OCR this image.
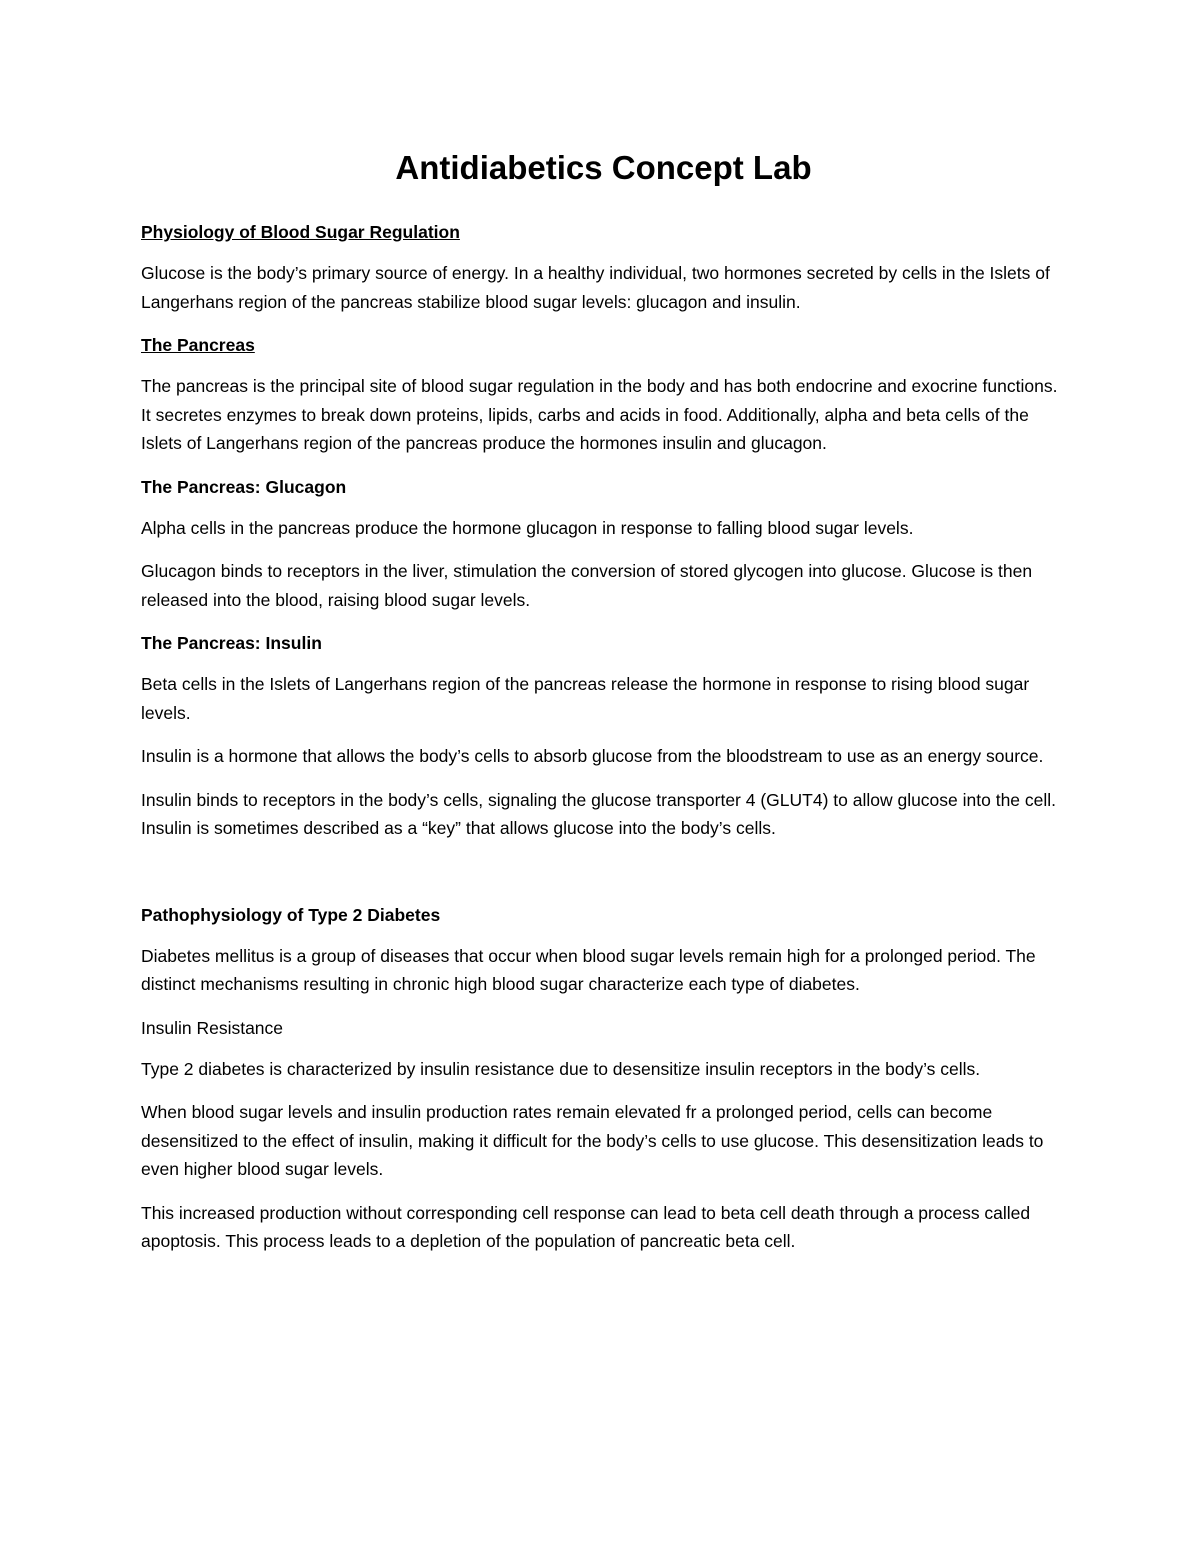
Antidiabetics Concept Lab
Physiology of Blood Sugar Regulation

Glucose is the body’s primary source of energy. In a healthy individual, two hormones secreted by cells in the Islets of Langerhans region of the pancreas stabilize blood sugar levels: glucagon and insulin.

The Pancreas

The pancreas is the principal site of blood sugar regulation in the body and has both endocrine and exocrine functions. It secretes enzymes to break down proteins, lipids, carbs and acids in food. Additionally, alpha and beta cells of the Islets of Langerhans region of the pancreas produce the hormones insulin and glucagon.

The Pancreas: Glucagon

Alpha cells in the pancreas produce the hormone glucagon in response to falling blood sugar levels.

Glucagon binds to receptors in the liver, stimulation the conversion of stored glycogen into glucose. Glucose is then released into the blood, raising blood sugar levels.

The Pancreas: Insulin

Beta cells in the Islets of Langerhans region of the pancreas release the hormone in response to rising blood sugar levels.

Insulin is a hormone that allows the body’s cells to absorb glucose from the bloodstream to use as an energy source.

Insulin binds to receptors in the body’s cells, signaling the glucose transporter 4 (GLUT4) to allow glucose into the cell. Insulin is sometimes described as a “key” that allows glucose into the body’s cells.

Pathophysiology of Type 2 Diabetes

Diabetes mellitus is a group of diseases that occur when blood sugar levels remain high for a prolonged period. The distinct mechanisms resulting in chronic high blood sugar characterize each type of diabetes.

Insulin Resistance

Type 2 diabetes is characterized by insulin resistance due to desensitize insulin receptors in the body’s cells.

When blood sugar levels and insulin production rates remain elevated fr a prolonged period, cells can become desensitized to the effect of insulin, making it difficult for the body’s cells to use glucose. This desensitization leads to even higher blood sugar levels.

This increased production without corresponding cell response can lead to beta cell death through a process called apoptosis. This process leads to a depletion of the population of pancreatic beta cell.
